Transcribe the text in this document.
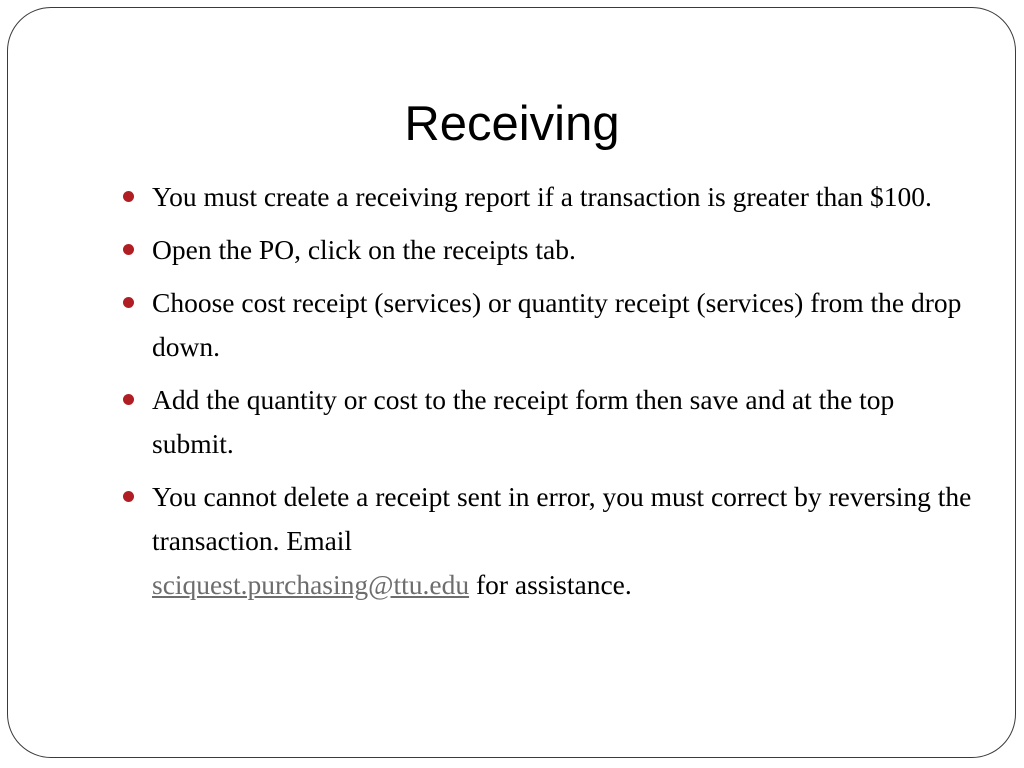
Receiving
You must create a receiving report if a transaction is greater than $100.
Open the PO, click on the receipts tab.
Choose cost receipt (services) or quantity receipt (services) from the drop down.
Add the quantity or cost to the receipt form then save and at the top submit.
You cannot delete a receipt sent in error, you must correct by reversing the transaction. Email
sciquest.purchasing@ttu.edu for assistance.
